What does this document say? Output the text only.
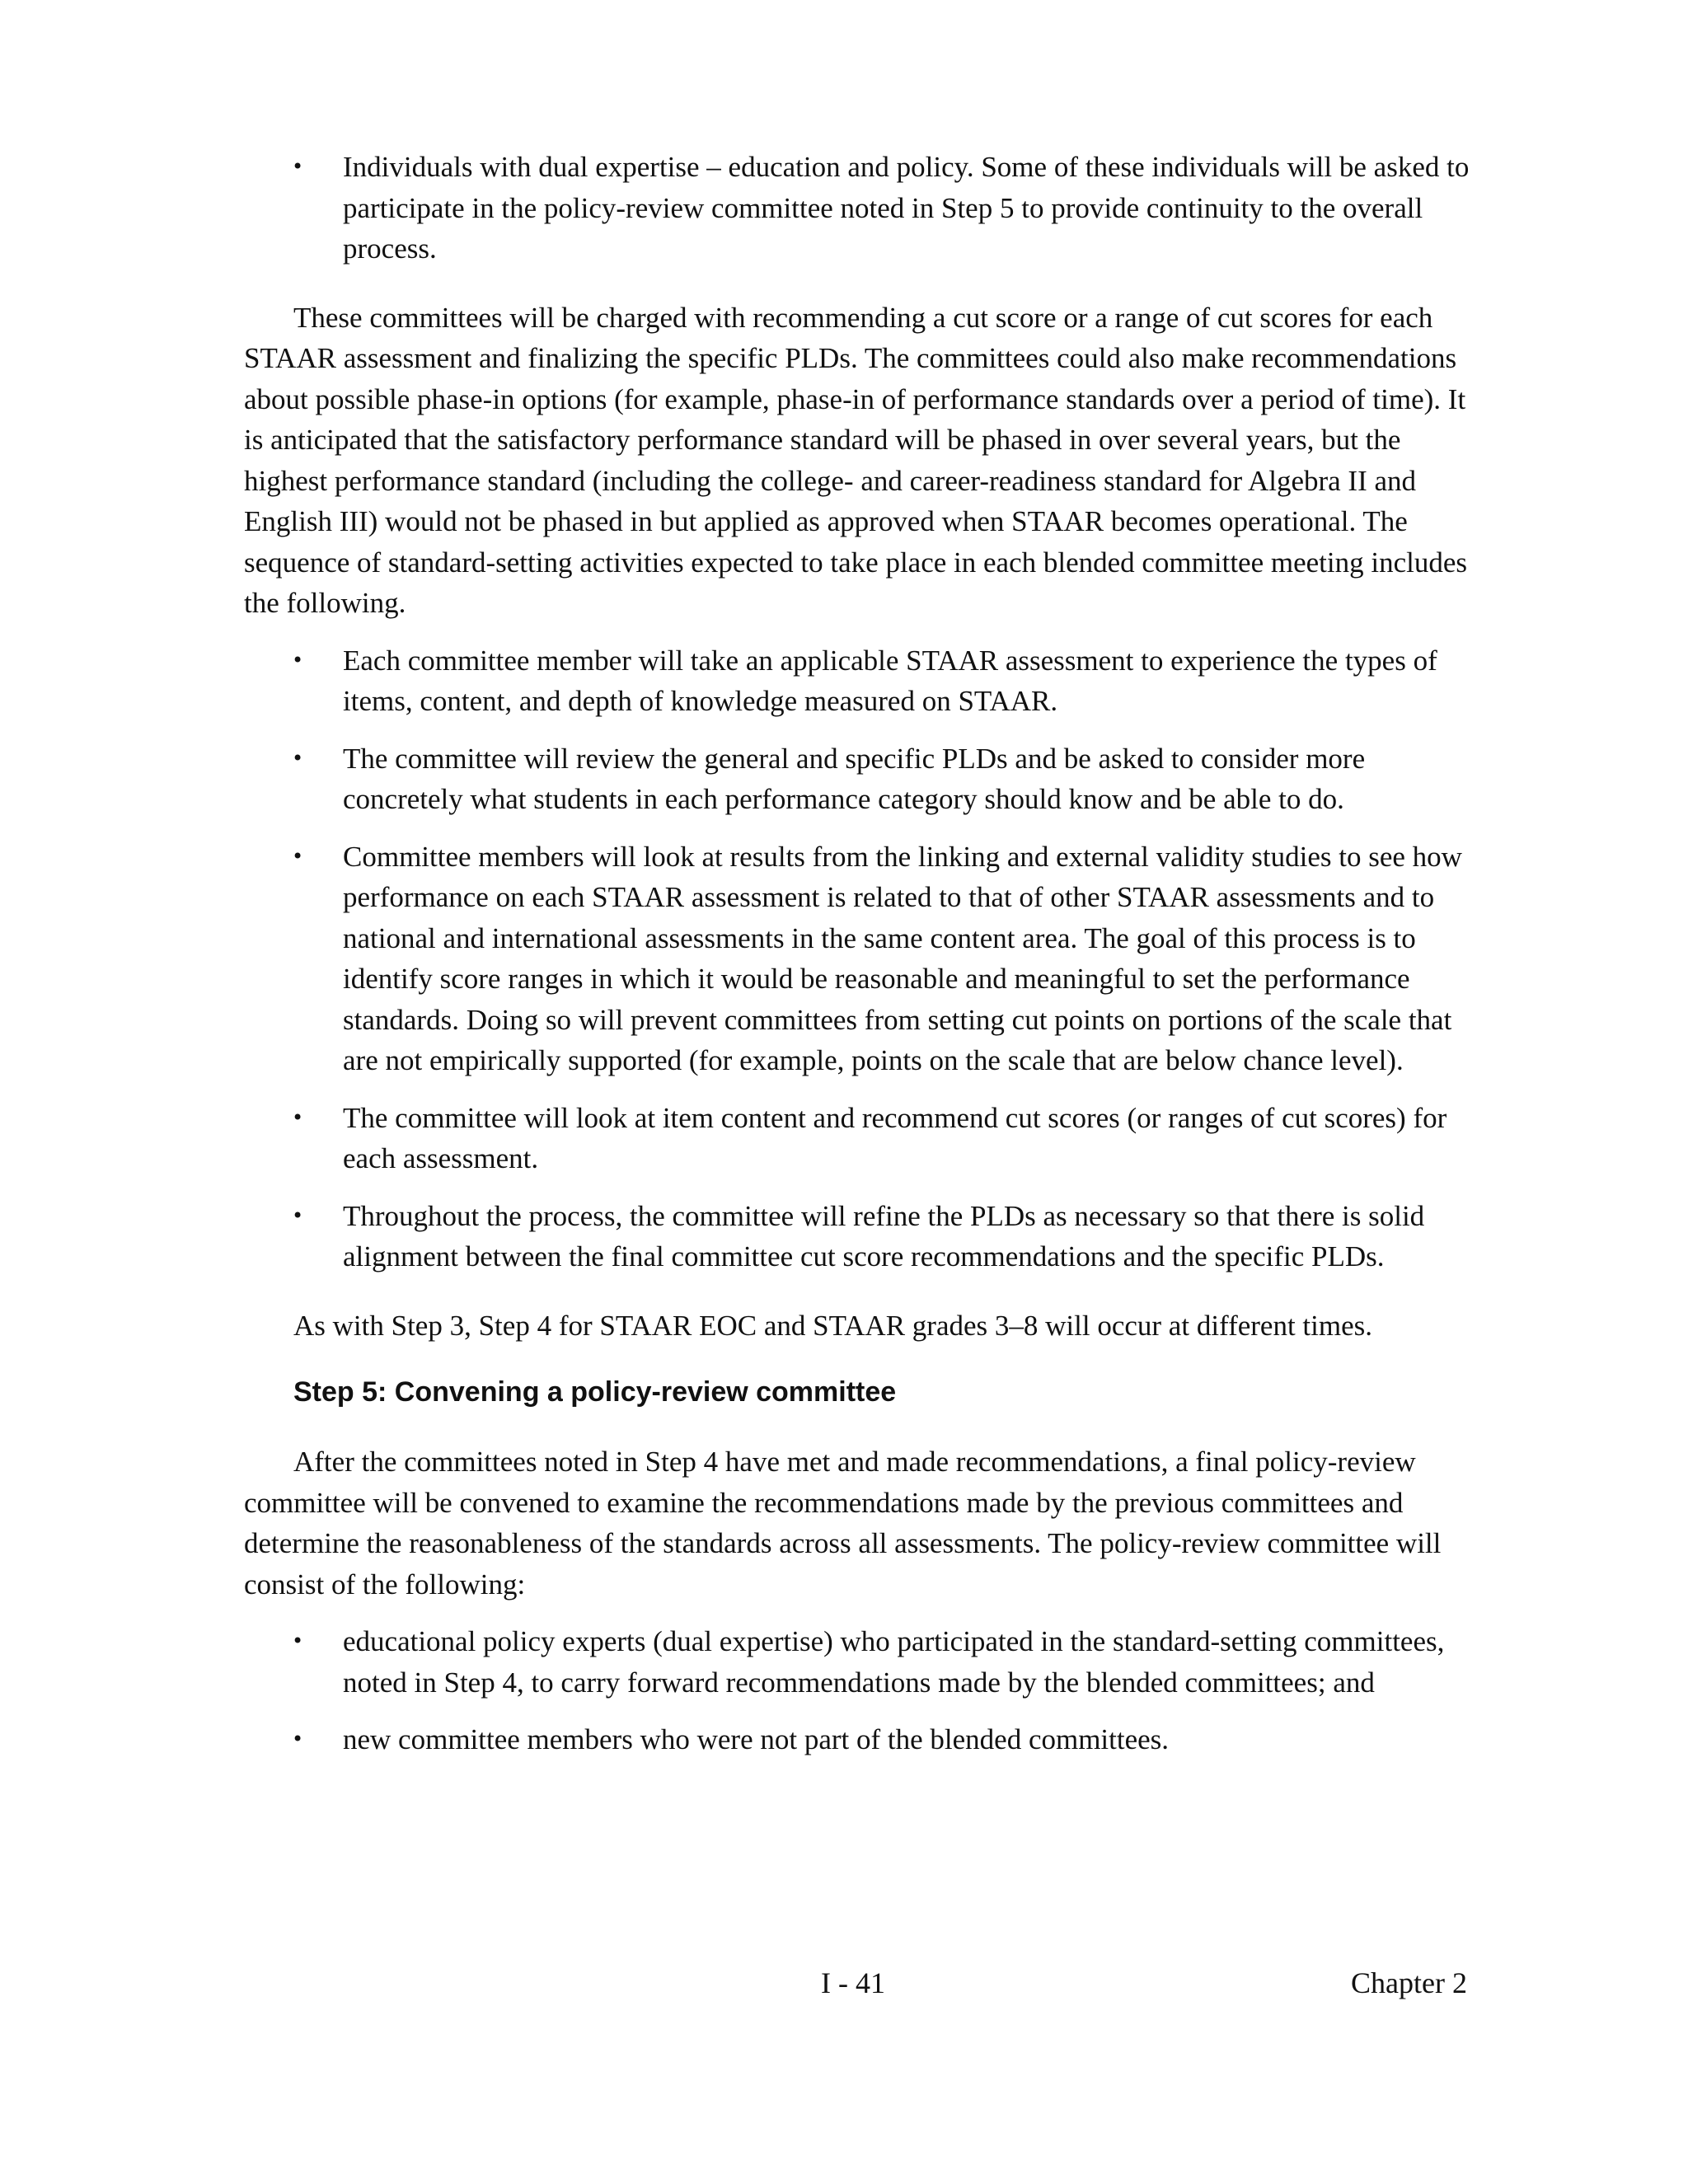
•	Individuals with dual expertise – education and policy. Some of these individuals will be asked to participate in the policy-review committee noted in Step 5 to provide continuity to the overall process.

These committees will be charged with recommending a cut score or a range of cut scores for each STAAR assessment and finalizing the specific PLDs. The committees could also make recommendations about possible phase-in options (for example, phase-in of performance standards over a period of time). It is anticipated that the satisfactory performance standard will be phased in over several years, but the highest performance standard (including the college- and career-readiness standard for Algebra II and English III) would not be phased in but applied as approved when STAAR becomes operational. The sequence of standard-setting activities expected to take place in each blended committee meeting includes the following.

•	Each committee member will take an applicable STAAR assessment to experience the types of items, content, and depth of knowledge measured on STAAR.
•	The committee will review the general and specific PLDs and be asked to consider more concretely what students in each performance category should know and be able to do.
•	Committee members will look at results from the linking and external validity studies to see how performance on each STAAR assessment is related to that of other STAAR assessments and to national and international assessments in the same content area. The goal of this process is to identify score ranges in which it would be reasonable and meaningful to set the performance standards. Doing so will prevent committees from setting cut points on portions of the scale that are not empirically supported (for example, points on the scale that are below chance level).
•	The committee will look at item content and recommend cut scores (or ranges of cut scores) for each assessment.
•	Throughout the process, the committee will refine the PLDs as necessary so that there is solid alignment between the final committee cut score recommendations and the specific PLDs.

As with Step 3, Step 4 for STAAR EOC and STAAR grades 3–8 will occur at different times.

Step 5: Convening a policy-review committee

After the committees noted in Step 4 have met and made recommendations, a final policy-review committee will be convened to examine the recommendations made by the previous committees and determine the reasonableness of the standards across all assessments. The policy-review committee will consist of the following:

•	educational policy experts (dual expertise) who participated in the standard-setting committees, noted in Step 4, to carry forward recommendations made by the blended committees; and
•	new committee members who were not part of the blended committees.
I - 41	Chapter 2
